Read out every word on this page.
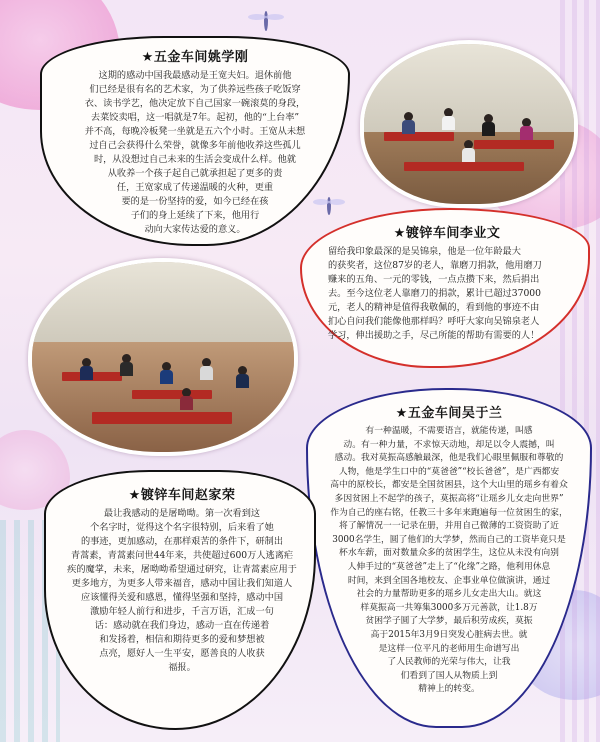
★五金车间姚学刚

这期的感动中国我最感动是王宽夫妇。退休前他
们已经是很有名的艺术家，为了供养远些孩子吃饭穿
衣、读书学艺，他决定放下自己国家一碗滚莫的身段，
去菜饺卖唱，这一唱就是7年。起初，他的“上台率”
并不高，每晚冷板凳一坐就是五六个小时。王宽从未想
过自己会获得什么荣誉，就像多年前他收养这些孤儿
时，从没想过自己未来的生活会变成什么样。他就
从收养一个孩子起自己就承担起了更多的责
任，王宽家成了传递温暖的火种，更重
要的是一份坚持的爱，如今已经在孩
子们的身上延续了下来，他用行
动向大家传达爱的意义。	★镀锌车间李业文

留给我印象最深的是吴锦泉，他是一位年龄最大
的获奖者，这位87岁的老人，靠磨刀捐款，他用磨刀
赚来的五角、一元的零钱，一点点攒下来，然后捐出
去。至今这位老人靠磨刀的捐款，累计已超过37000
元，老人的精神是值得我敬佩的，看到他的事迹不由
扪心自问我们能像他那样吗？呼吁大家向吴锦泉老人
学习，伸出援助之手，尽己所能的帮助有需要的人！

★五金车间吴于兰

有一种温暖，不需要语言，就能传递，叫感
动。有一种力量，不求惊天动地，却足以令人震撼，叫
感动。我对莫振高感触最深，他是我们心眼里佩服和尊敬的
人物，他是学生口中的“莫爸爸”“校长爸爸”，是广西都安
高中的原校长，都安是全国贫困县，这个大山里的瑶乡有着众
多因贫困上不起学的孩子，莫振高将“让瑶乡儿女走向世界”
作为自己的座右铭，任教三十多年来跑遍每一位贫困生的家，
将了解情况一一记录在册，并用自己微薄的工资资助了近
3000名学生，圆了他们的大学梦，然而自己的工资毕竟只是
杯水车薪，面对数量众多的贫困学生，这位从未没有向别
人伸手过的“莫爸爸”走上了“化缘”之路，他利用休息
时间，来到全国各地校友、企事业单位做演讲，通过
社会的力量帮助更多的瑶乡儿女走出大山。就这
样莫振高一共筹集3000多万元善款，让1.8万
贫困学子圆了大学梦，最后积劳成疾，莫振
高于2015年3月9日突发心脏病去世。就
是这样一位平凡的老师用生命谱写出
了人民教师的光荣与伟大，让我
们看到了国人从物质上到
精神上的转变。

★镀锌车间赵家荣

最让我感动的是屠呦呦。第一次看到这
个名字时，觉得这个名字很特别，后来看了她
的事迹，更加感动，在那样艰苦的条件下，研制出
青蒿素，青蒿素问世44年来，共使超过600万人逃离疟
疾的魔掌，未来，屠呦呦希望通过研究，让青蒿素应用于
更多地方，为更多人带来福音，感动中国让我们知道人
应该懂得关爱和感恩，懂得坚强和坚持，感动中国
激励年轻人前行和进步，千言万语，汇成一句
话：感动就在我们身边，感动一直在传递着
和发扬着，相信和期待更多的爱和梦想被
点亮，愿好人一生平安，愿善良的人收获
福报。
